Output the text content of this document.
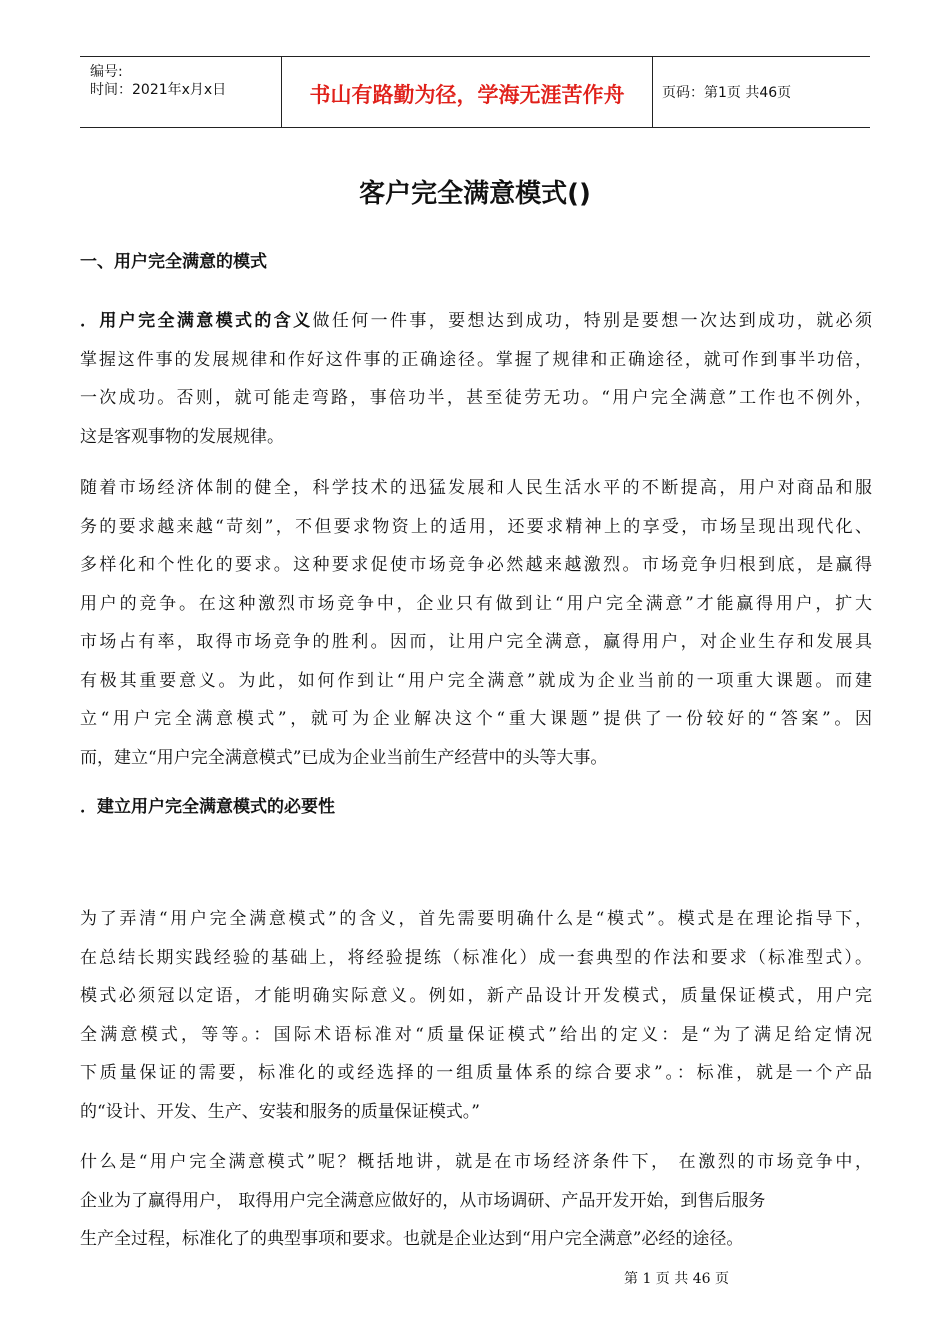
编号:
时间：2021年x月x日	书山有路勤为径，学海无涯苦作舟	页码：第1页 共46页
客户完全满意模式()
一、用户完全满意的模式
．用户完全满意模式的含义做任何一件事，要想达到成功，特别是要想一次达到成功，就必须
掌握这件事的发展规律和作好这件事的正确途径。掌握了规律和正确途径，就可作到事半功倍，
一次成功。否则，就可能走弯路，事倍功半，甚至徒劳无功。“用户完全满意”工作也不例外，
这是客观事物的发展规律。
随着市场经济体制的健全，科学技术的迅猛发展和人民生活水平的不断提高，用户对商品和服
务的要求越来越“苛刻”，不但要求物资上的适用，还要求精神上的享受，市场呈现出现代化、
多样化和个性化的要求。这种要求促使市场竞争必然越来越激烈。市场竞争归根到底，是赢得
用户的竞争。在这种激烈市场竞争中，企业只有做到让“用户完全满意”才能赢得用户，扩大
市场占有率，取得市场竞争的胜利。因而，让用户完全满意，赢得用户，对企业生存和发展具
有极其重要意义。为此，如何作到让“用户完全满意”就成为企业当前的一项重大课题。而建
立“用户完全满意模式”，就可为企业解决这个“重大课题”提供了一份较好的“答案”。因
而，建立“用户完全满意模式”已成为企业当前生产经营中的头等大事。
．建立用户完全满意模式的必要性
为了弄清“用户完全满意模式”的含义，首先需要明确什么是“模式”。模式是在理论指导下，
在总结长期实践经验的基础上，将经验提练（标准化）成一套典型的作法和要求（标准型式）。
模式必须冠以定语，才能明确实际意义。例如，新产品设计开发模式，质量保证模式，用户完
全满意模式，等等。：国际术语标准对“质量保证模式”给出的定义：是“为了满足给定情况
下质量保证的需要，标准化的或经选择的一组质量体系的综合要求”。：标准，就是一个产品
的“设计、开发、生产、安装和服务的质量保证模式。”
什么是“用户完全满意模式”呢？概括地讲，就是在市场经济条件下， 在激烈的市场竞争中，
企业为了赢得用户， 取得用户完全满意应做好的，从市场调研、产品开发开始，到售后服务
生产全过程，标准化了的典型事项和要求。也就是企业达到“用户完全满意”必经的途径。
第 1 页 共 46 页
